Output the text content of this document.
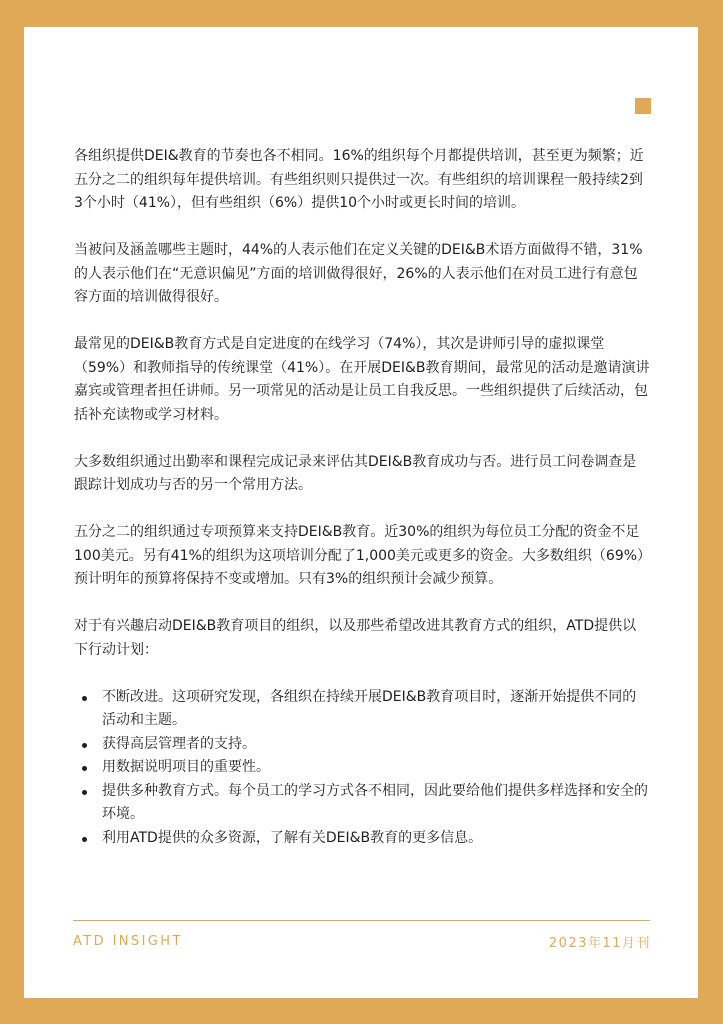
各组织提供DEI&教育的节奏也各不相同。16%的组织每个月都提供培训，甚至更为频繁；近五分之二的组织每年提供培训。有些组织则只提供过一次。有些组织的培训课程一般持续2到3个小时（41%），但有些组织（6%）提供10个小时或更长时间的培训。

当被问及涵盖哪些主题时，44%的人表示他们在定义关键的DEI&B术语方面做得不错，31% 的人表示他们在“无意识偏见”方面的培训做得很好，26%的人表示他们在对员工进行有意包容方面的培训做得很好。

最常见的DEI&B教育方式是自定进度的在线学习（74%），其次是讲师引导的虚拟课堂（59%）和教师指导的传统课堂（41%）。在开展DEI&B教育期间，最常见的活动是邀请演讲嘉宾或管理者担任讲师。另一项常见的活动是让员工自我反思。一些组织提供了后续活动，包括补充读物或学习材料。

大多数组织通过出勤率和课程完成记录来评估其DEI&B教育成功与否。进行员工问卷调查是跟踪计划成功与否的另一个常用方法。

五分之二的组织通过专项预算来支持DEI&B教育。近30%的组织为每位员工分配的资金不足100美元。另有41%的组织为这项培训分配了1,000美元或更多的资金。大多数组织（69%）预计明年的预算将保持不变或增加。只有3%的组织预计会减少预算。

对于有兴趣启动DEI&B教育项目的组织，以及那些希望改进其教育方式的组织，ATD提供以下行动计划：

不断改进。这项研究发现，各组织在持续开展DEI&B教育项目时，逐渐开始提供不同的活动和主题。
获得高层管理者的支持。
用数据说明项目的重要性。
提供多种教育方式。每个员工的学习方式各不相同，因此要给他们提供多样选择和安全的环境。
利用ATD提供的众多资源，了解有关DEI&B教育的更多信息。
ATD INSIGHT	2023年11月刊
